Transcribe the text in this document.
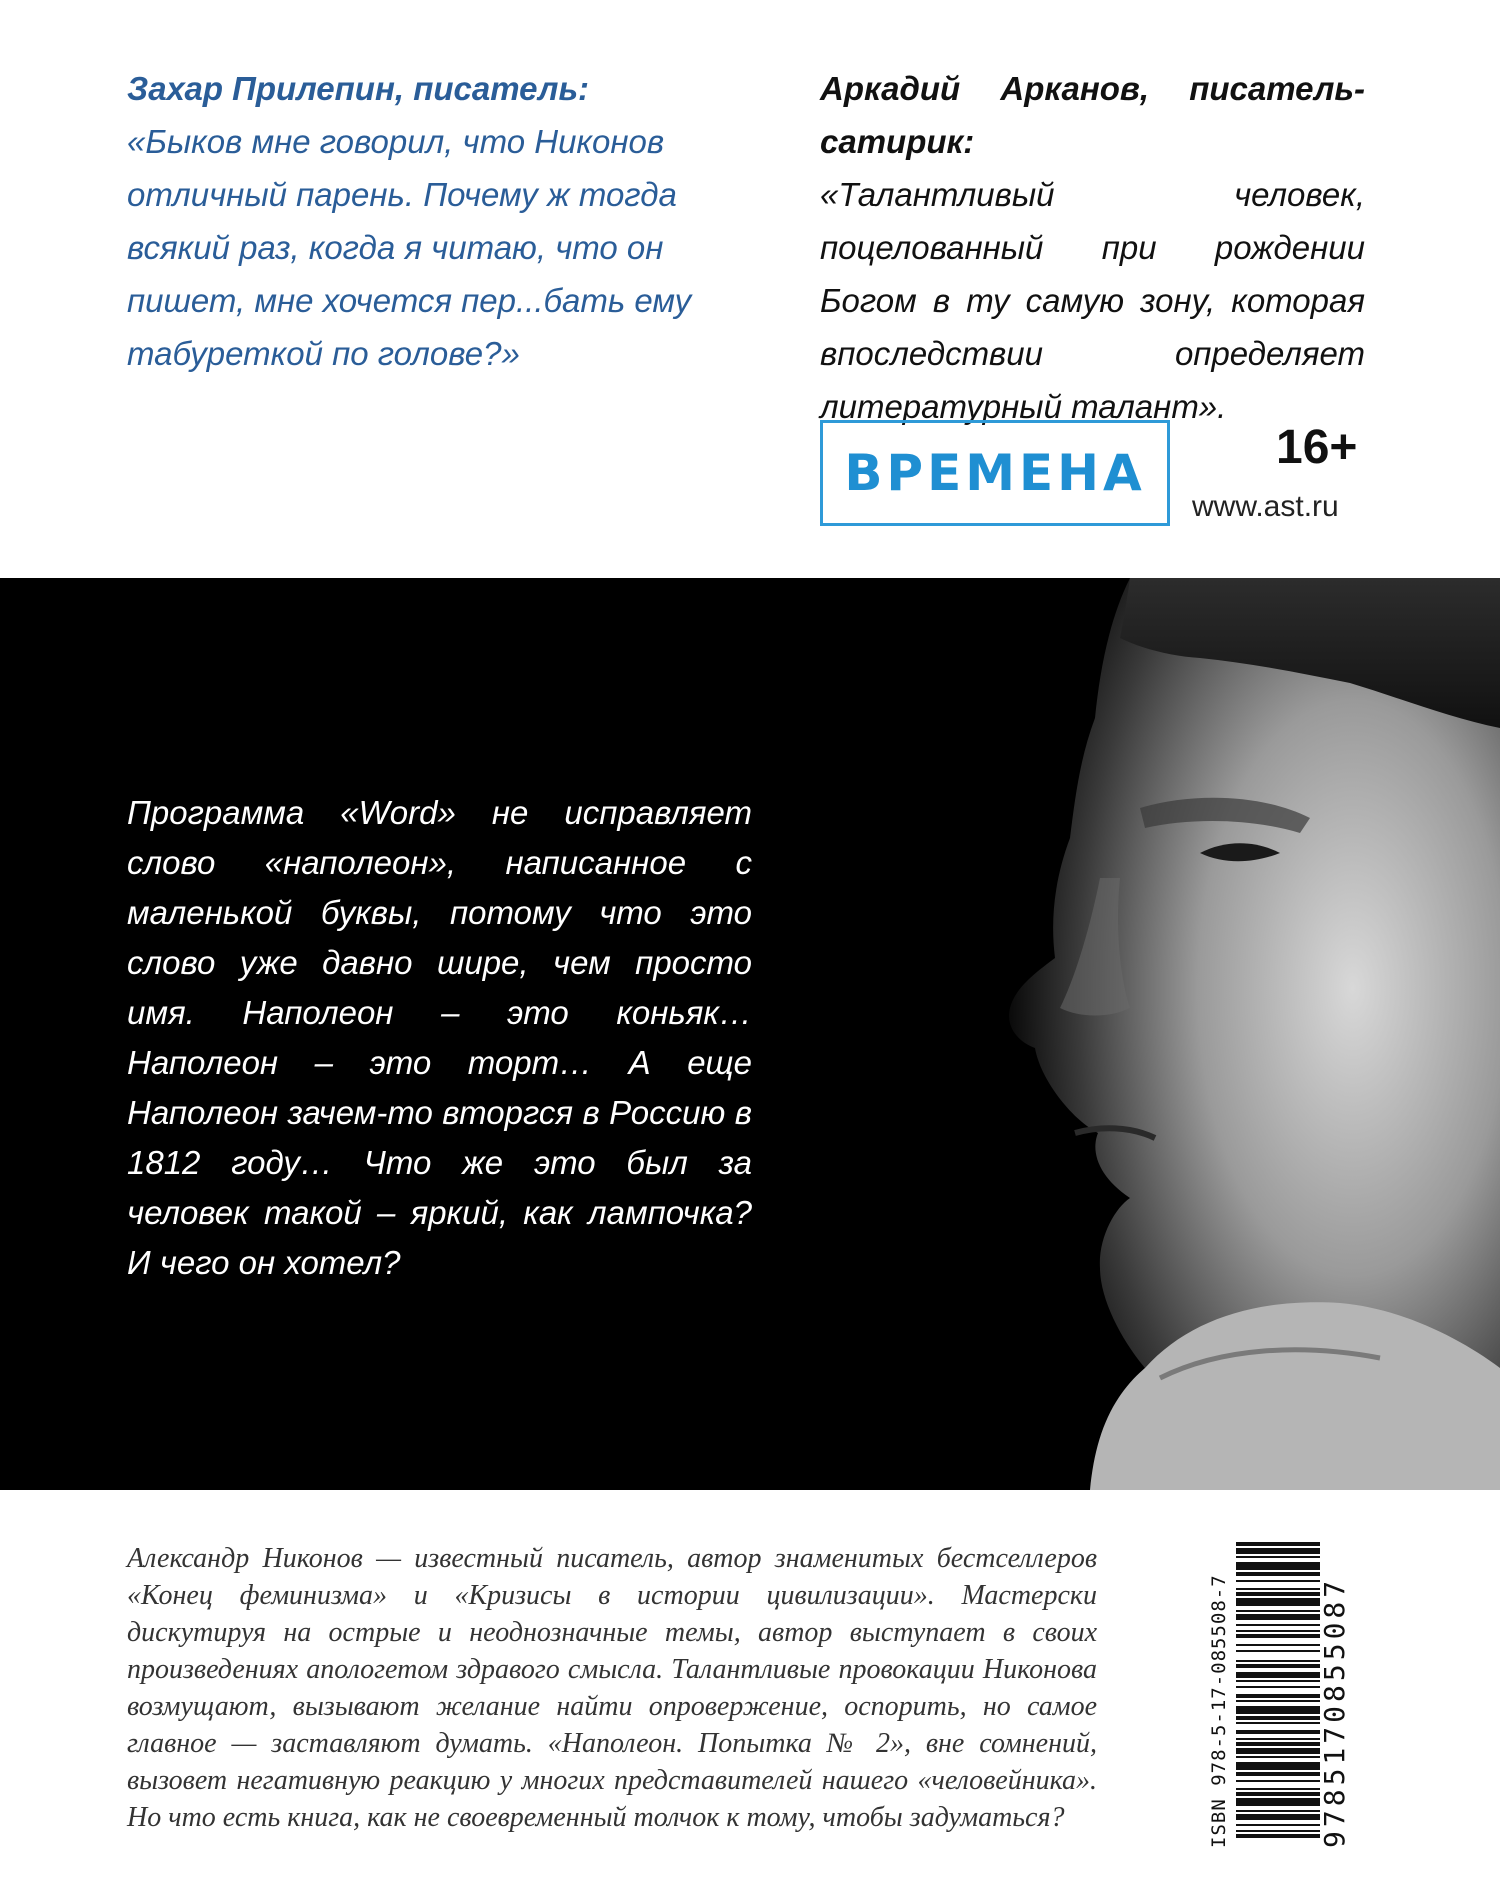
Захар Прилепин, писатель:
«Быков мне говорил, что Никонов отличный парень. Почему ж тогда всякий раз, когда я читаю, что он пишет, мне хочется пер...бать ему табуреткой по голове?»
Аркадий Арканов, писатель-сатирик:
«Талантливый человек, поцелованный при рождении Богом в ту самую зону, которая впоследствии определяет литературный талант».
ВРЕМЕНА	16+
www.ast.ru
Программа «Word» не исправляет слово «наполеон», написанное с маленькой буквы, потому что это слово уже давно шире, чем просто имя. Наполеон – это коньяк… Наполеон – это торт… А еще Наполеон зачем-то вторгся в Россию в 1812 году… Что же это был за человек такой – яркий, как лампочка? И чего он хотел?
Александр Никонов — известный писатель, автор знаменитых бестселлеров «Конец феминизма» и «Кризисы в истории цивилизации». Мастерски дискутируя на острые и неоднозначные темы, автор выступает в своих произведениях апологетом здравого смысла. Талантливые провокации Никонова возмущают, вызывают желание найти опровержение, оспорить, но самое главное — заставляют думать. «Наполеон. Попытка № 2», вне сомнений, вызовет негативную реакцию у многих представителей нашего «человейника». Но что есть книга, как не своевременный толчок к тому, чтобы задуматься?	ISBN 978-5-17-085508-7	9785170855087
